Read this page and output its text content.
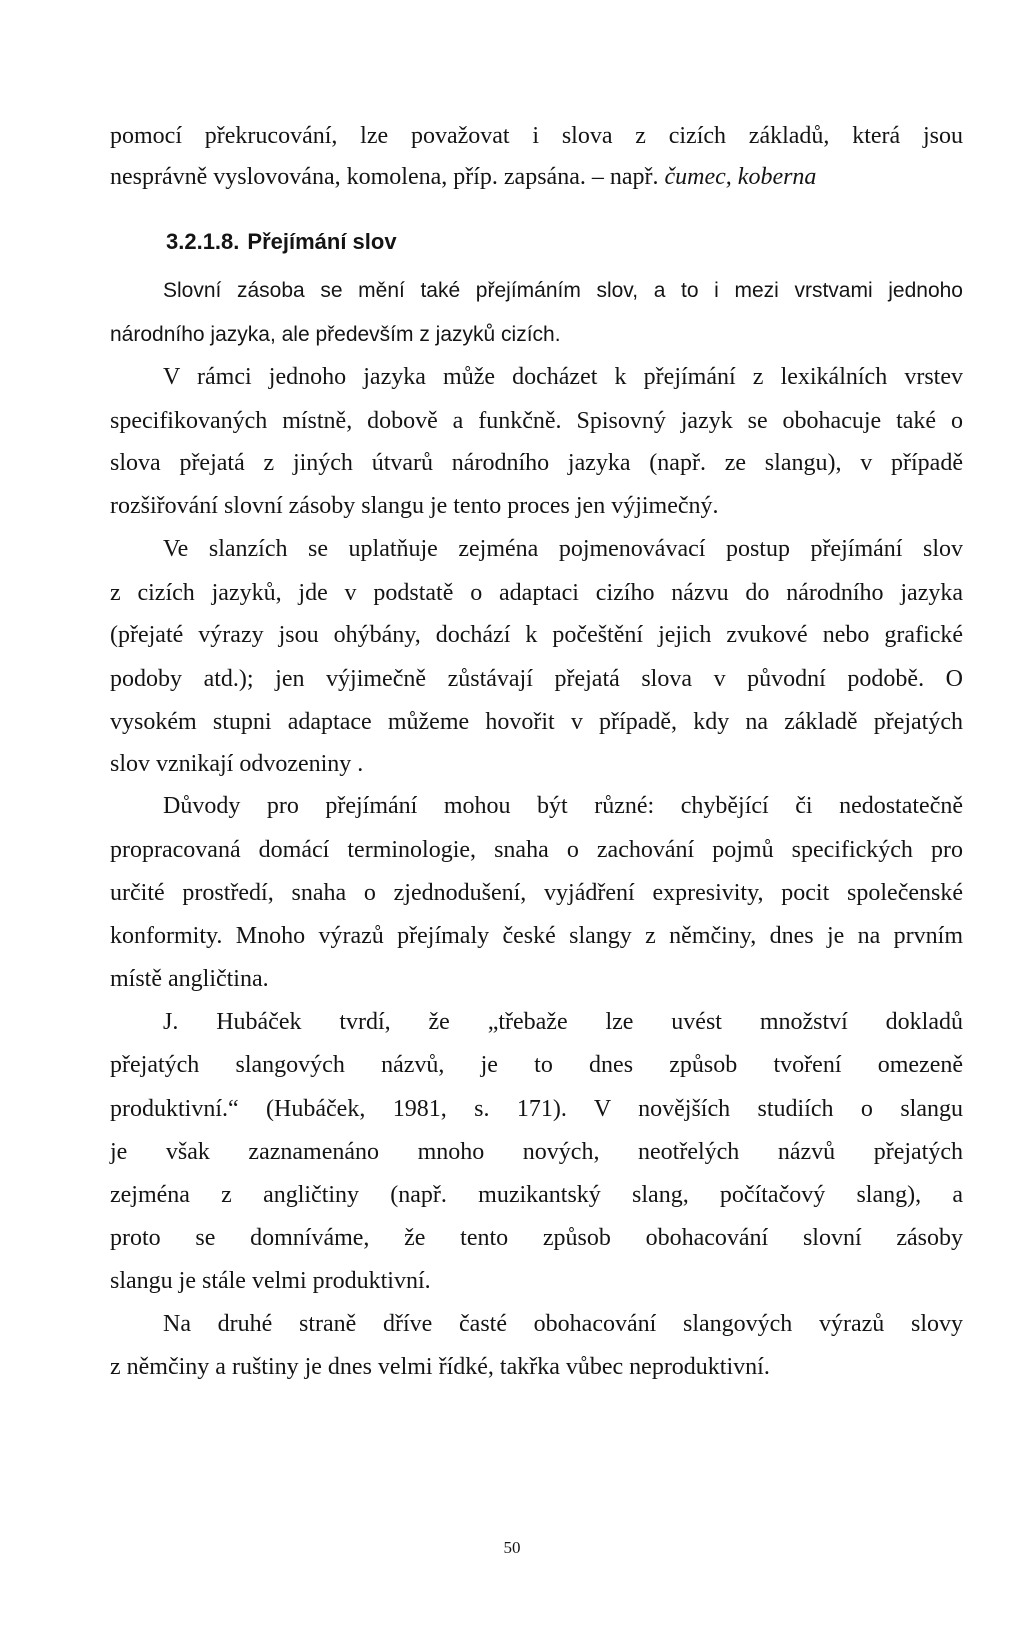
pomocí překrucování, lze považovat i slova z cizích základů, která jsou
nesprávně vyslovována, komolena, příp. zapsána. – např. čumec, koberna
3.2.1.8. Přejímání slov
Slovní zásoba se mění také přejímáním slov, a to i mezi vrstvami jednoho
národního jazyka, ale především z jazyků cizích.
V rámci jednoho jazyka může docházet k přejímání z lexikálních vrstev
specifikovaných místně, dobově a funkčně. Spisovný jazyk se obohacuje také o
slova přejatá z jiných útvarů národního jazyka (např. ze slangu), v případě
rozšiřování slovní zásoby slangu je tento proces jen výjimečný.
Ve slanzích se uplatňuje zejména pojmenovávací postup přejímání slov
z cizích jazyků, jde v podstatě o adaptaci cizího názvu do národního jazyka
(přejaté výrazy jsou ohýbány, dochází k počeštění jejich zvukové nebo grafické
podoby atd.); jen výjimečně zůstávají přejatá slova v původní podobě. O
vysokém stupni adaptace můžeme hovořit v případě, kdy na základě přejatých
slov vznikají odvozeniny .
Důvody pro přejímání mohou být různé: chybějící či nedostatečně
propracovaná domácí terminologie, snaha o zachování pojmů specifických pro
určité prostředí, snaha o zjednodušení, vyjádření expresivity, pocit společenské
konformity. Mnoho výrazů přejímaly české slangy z němčiny, dnes je na prvním
místě angličtina.
J. Hubáček tvrdí, že „třebaže lze uvést množství dokladů
přejatých slangových názvů, je to dnes způsob tvoření omezeně
produktivní.“ (Hubáček, 1981, s. 171). V novějších studiích o slangu
je však zaznamenáno mnoho nových, neotřelých názvů přejatých
zejména z angličtiny (např. muzikantský slang, počítačový slang), a
proto se domníváme, že tento způsob obohacování slovní zásoby
slangu je stále velmi produktivní.
Na druhé straně dříve časté obohacování slangových výrazů slovy
z němčiny a ruštiny je dnes velmi řídké, takřka vůbec neproduktivní.
50
